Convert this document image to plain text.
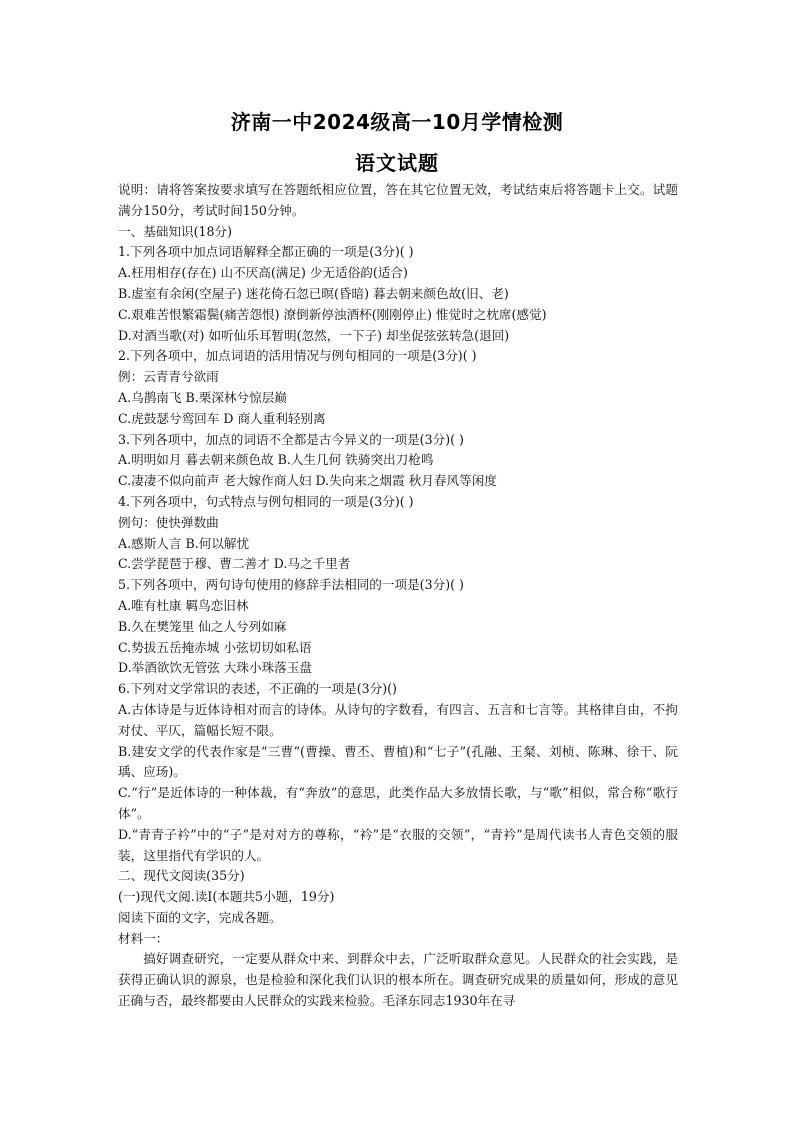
济南一中2024级高一10月学情检测
语文试题

说明：请将答案按要求填写在答题纸相应位置，答在其它位置无效，考试结束后将答题卡上交。试题满分150分，考试时间150分钟。

一、基础知识(18分)

1.下列各项中加点词语解释全都正确的一项是(3分)( )

A.枉用相存(存在) 山不厌高(满足) 少无适俗韵(适合)

B.虚室有余闲(空屋子) 迷花倚石忽已暝(昏暗) 暮去朝来颜色故(旧、老)

C.艰难苦恨繁霜鬓(痛苦怨恨) 潦倒新停浊酒杯(刚刚停止) 惟觉时之枕席(感觉)

D.对酒当歌(对) 如听仙乐耳暂明(忽然，一下子) 却坐促弦弦转急(退回)

2.下列各项中，加点词语的活用情况与例句相同的一项是(3分)( )

例：云青青兮欲雨

A.乌鹊南飞 B.栗深林兮惊层巅

C.虎鼓瑟兮鸾回车 D 商人重利轻别离

3.下列各项中，加点的词语不全都是古今异义的一项是(3分)( )

A.明明如月 暮去朝来颜色故 B.人生几何 铁骑突出刀枪鸣

C.凄凄不似向前声 老大嫁作商人妇 D.失向来之烟霞 秋月春风等闲度

4.下列各项中，句式特点与例句相同的一项是(3分)( )

例句：使快弹数曲

A.感斯人言 B.何以解忧

C.尝学琵琶于穆、曹二善才 D.马之千里者

5.下列各项中，两句诗句使用的修辞手法相同的一项是(3分)( )

A.唯有杜康 羁鸟恋旧林

B.久在樊笼里 仙之人兮列如麻

C.势拔五岳掩赤城 小弦切切如私语

D.举酒欲饮无管弦 大珠小珠落玉盘

6.下列对文学常识的表述，不正确的一项是(3分)()

A.古体诗是与近体诗相对而言的诗体。从诗句的字数看，有四言、五言和七言等。其格律自由，不拘对仗、平仄，篇幅长短不限。

B.建安文学的代表作家是“三曹”(曹操、曹丕、曹植)和“七子”(孔融、王粲、刘桢、陈琳、徐干、阮瑀、应玚)。

C.“行”是近体诗的一种体裁，有“奔放”的意思，此类作品大多放情长歌，与“歌”相似，常合称“歌行体”。

D.“青青子衿”中的“子”是对对方的尊称，“衿”是“衣服的交领”，“青衿”是周代读书人青色交领的服装，这里指代有学识的人。

二、现代文阅读(35分)

(一)现代文阅.读I(本题共5小题，19分)

阅读下面的文字，完成各题。

材料一：

搞好调查研究，一定要从群众中来、到群众中去，广泛听取群众意见。人民群众的社会实践，是获得正确认识的源泉，也是检验和深化我们认识的根本所在。调查研究成果的质量如何，形成的意见正确与否，最终都要由人民群众的实践来检验。毛泽东同志1930年在寻
